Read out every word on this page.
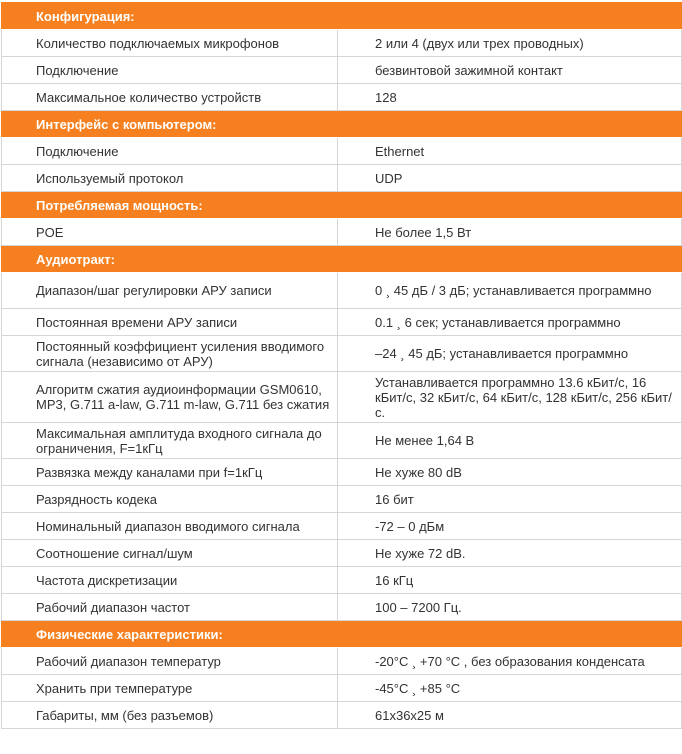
Конфигурация:	
Количество подключаемых микрофонов	2 или 4 (двух или трех проводных)
Подключение	безвинтовой зажимной контакт
Максимальное количество устройств	128
Интерфейс с компьютером:	
Подключение	Ethernet
Используемый протокол	UDP
Потребляемая мощность:	
POE	Не более 1,5 Вт
Аудиотракт:	
Диапазон/шаг регулировки АРУ записи	0 ¸ 45 дБ / 3 дБ; устанавливается программно
Постоянная времени АРУ записи	0.1 ¸ 6 сек; устанавливается программно
Постоянный коэффициент усиления вводимого сигнала (независимо от АРУ)	–24 ¸ 45 дБ; устанавливается программно
Алгоритм сжатия аудиоинформации GSM0610, MP3, G.711 a-law, G.711 m-law, G.711 без сжатия	Устанавливается программно 13.6 кБит/с, 16 кБит/с, 32 кБит/с, 64 кБит/с, 128 кБит/с, 256 кБит/с.
Максимальная амплитуда входного сигнала до ограничения, F=1кГц	Не менее 1,64 В
Развязка между каналами при f=1кГц	Не хуже 80 dB
Разрядность кодека	16 бит
Номинальный диапазон вводимого сигнала	-72 – 0 дБм
Соотношение сигнал/шум	Не хуже 72 dB.
Частота дискретизации	16 кГц
Рабочий диапазон частот	100 – 7200 Гц.
Физические характеристики:	
Рабочий диапазон температур	-20°C ¸ +70 °C , без образования конденсата
Хранить при температуре	-45°C ¸ +85 °C
Габариты, мм (без разъемов)	61x36x25 м
